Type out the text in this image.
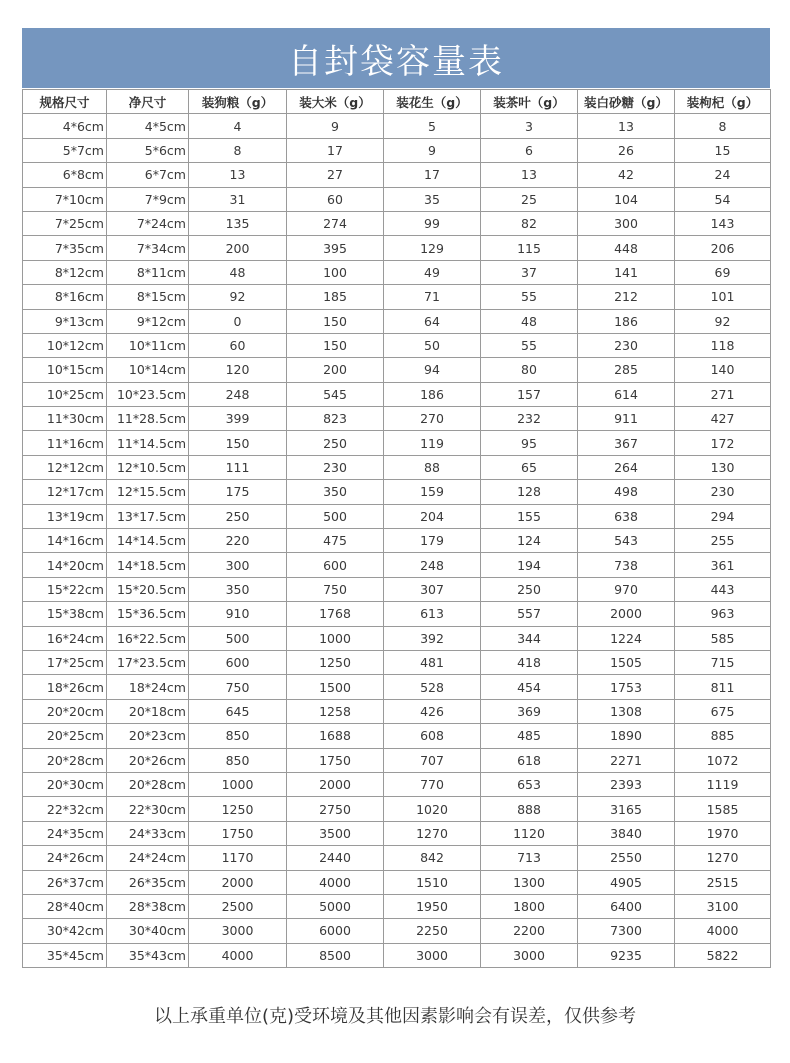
自封袋容量表
规格尺寸	净尺寸	装狗粮（g）	装大米（g）	装花生（g）	装茶叶（g）	装白砂糖（g）	装枸杞（g）
4*6cm	4*5cm	4	9	5	3	13	8
5*7cm	5*6cm	8	17	9	6	26	15
6*8cm	6*7cm	13	27	17	13	42	24
7*10cm	7*9cm	31	60	35	25	104	54
7*25cm	7*24cm	135	274	99	82	300	143
7*35cm	7*34cm	200	395	129	115	448	206
8*12cm	8*11cm	48	100	49	37	141	69
8*16cm	8*15cm	92	185	71	55	212	101
9*13cm	9*12cm	0	150	64	48	186	92
10*12cm	10*11cm	60	150	50	55	230	118
10*15cm	10*14cm	120	200	94	80	285	140
10*25cm	10*23.5cm	248	545	186	157	614	271
11*30cm	11*28.5cm	399	823	270	232	911	427
11*16cm	11*14.5cm	150	250	119	95	367	172
12*12cm	12*10.5cm	111	230	88	65	264	130
12*17cm	12*15.5cm	175	350	159	128	498	230
13*19cm	13*17.5cm	250	500	204	155	638	294
14*16cm	14*14.5cm	220	475	179	124	543	255
14*20cm	14*18.5cm	300	600	248	194	738	361
15*22cm	15*20.5cm	350	750	307	250	970	443
15*38cm	15*36.5cm	910	1768	613	557	2000	963
16*24cm	16*22.5cm	500	1000	392	344	1224	585
17*25cm	17*23.5cm	600	1250	481	418	1505	715
18*26cm	18*24cm	750	1500	528	454	1753	811
20*20cm	20*18cm	645	1258	426	369	1308	675
20*25cm	20*23cm	850	1688	608	485	1890	885
20*28cm	20*26cm	850	1750	707	618	2271	1072
20*30cm	20*28cm	1000	2000	770	653	2393	1119
22*32cm	22*30cm	1250	2750	1020	888	3165	1585
24*35cm	24*33cm	1750	3500	1270	1120	3840	1970
24*26cm	24*24cm	1170	2440	842	713	2550	1270
26*37cm	26*35cm	2000	4000	1510	1300	4905	2515
28*40cm	28*38cm	2500	5000	1950	1800	6400	3100
30*42cm	30*40cm	3000	6000	2250	2200	7300	4000
35*45cm	35*43cm	4000	8500	3000	3000	9235	5822
以上承重单位(克)受环境及其他因素影响会有误差，仅供参考
